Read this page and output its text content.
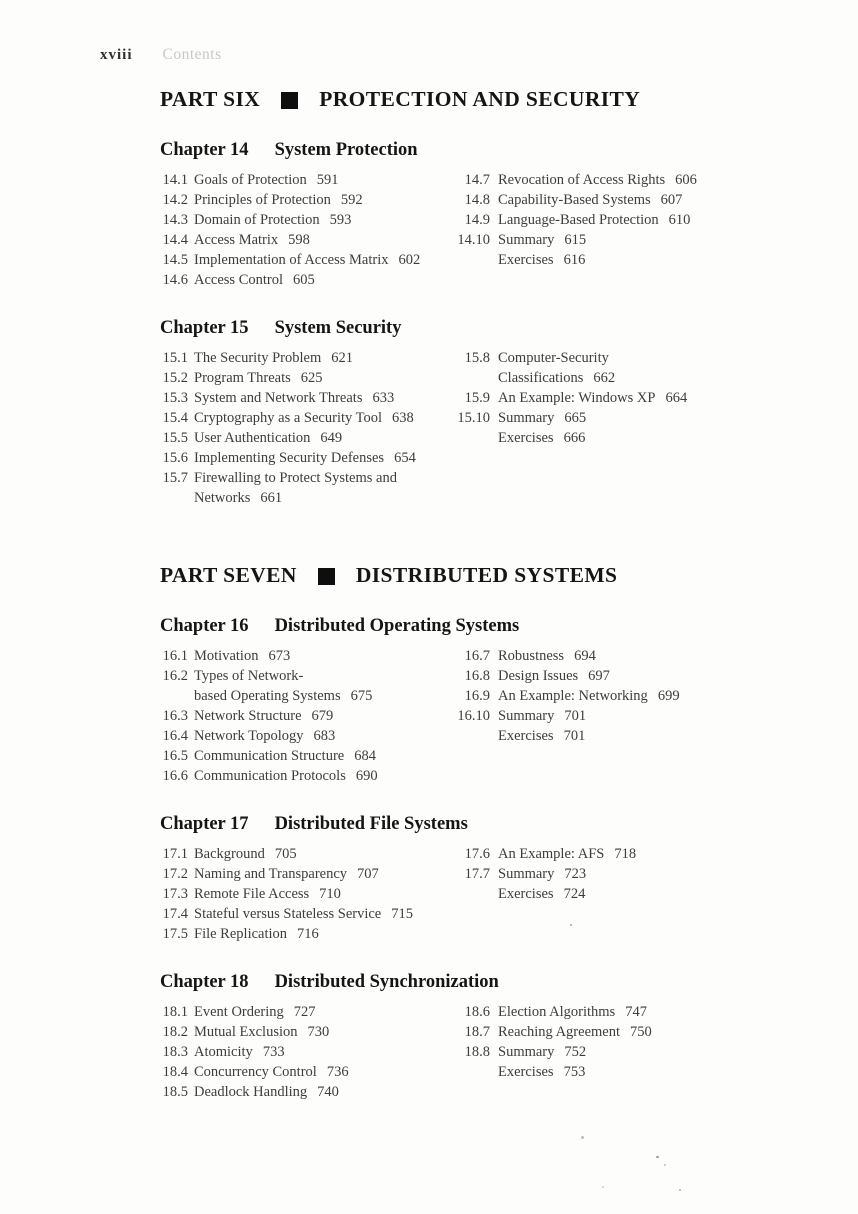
xviii Contents
PART SIX	PROTECTION AND SECURITY
Chapter 14 System Protection
14.1 Goals of Protection 591
14.2 Principles of Protection 592
14.3 Domain of Protection 593
14.4 Access Matrix 598
14.5 Implementation of Access Matrix 602
14.6 Access Control 605
14.7 Revocation of Access Rights 606
14.8 Capability-Based Systems 607
14.9 Language-Based Protection 610
14.10 Summary 615
Exercises 616
Chapter 15 System Security
15.1 The Security Problem 621
15.2 Program Threats 625
15.3 System and Network Threats 633
15.4 Cryptography as a Security Tool 638
15.5 User Authentication 649
15.6 Implementing Security Defenses 654
15.7 Firewalling to Protect Systems and
Networks 661
15.8 Computer-Security
Classifications 662
15.9 An Example: Windows XP 664
15.10 Summary 665
Exercises 666
PART SEVEN	DISTRIBUTED SYSTEMS
Chapter 16 Distributed Operating Systems
16.1 Motivation 673
16.2 Types of Network-
based Operating Systems 675
16.3 Network Structure 679
16.4 Network Topology 683
16.5 Communication Structure 684
16.6 Communication Protocols 690
16.7 Robustness 694
16.8 Design Issues 697
16.9 An Example: Networking 699
16.10 Summary 701
Exercises 701
Chapter 17 Distributed File Systems
17.1 Background 705
17.2 Naming and Transparency 707
17.3 Remote File Access 710
17.4 Stateful versus Stateless Service 715
17.5 File Replication 716
17.6 An Example: AFS 718
17.7 Summary 723
Exercises 724
Chapter 18 Distributed Synchronization
18.1 Event Ordering 727
18.2 Mutual Exclusion 730
18.3 Atomicity 733
18.4 Concurrency Control 736
18.5 Deadlock Handling 740
18.6 Election Algorithms 747
18.7 Reaching Agreement 750
18.8 Summary 752
Exercises 753
